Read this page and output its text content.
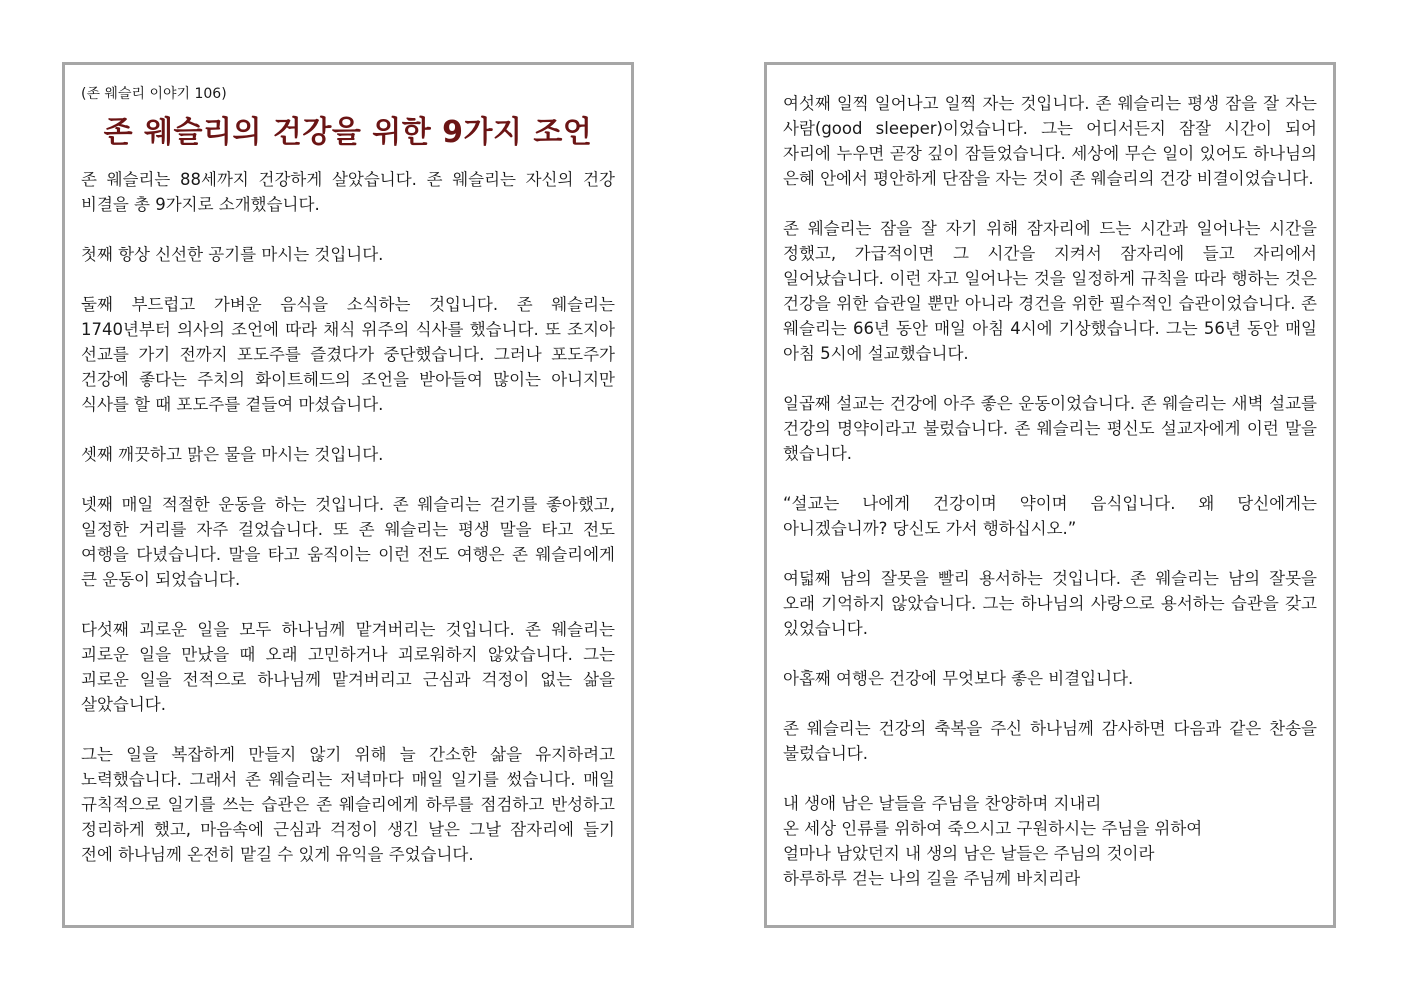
(존 웨슬리 이야기 106)
존 웨슬리의 건강을 위한 9가지 조언

존 웨슬리는 88세까지 건강하게 살았습니다. 존 웨슬리는 자신의 건강 비결을 총 9가지로 소개했습니다.

첫째 항상 신선한 공기를 마시는 것입니다.

둘째 부드럽고 가벼운 음식을 소식하는 것입니다. 존 웨슬리는 1740년부터 의사의 조언에 따라 채식 위주의 식사를 했습니다. 또 조지아 선교를 가기 전까지 포도주를 즐겼다가 중단했습니다. 그러나 포도주가 건강에 좋다는 주치의 화이트헤드의 조언을 받아들여 많이는 아니지만 식사를 할 때 포도주를 곁들여 마셨습니다.

셋째 깨끗하고 맑은 물을 마시는 것입니다.

넷째 매일 적절한 운동을 하는 것입니다. 존 웨슬리는 걷기를 좋아했고, 일정한 거리를 자주 걸었습니다. 또 존 웨슬리는 평생 말을 타고 전도 여행을 다녔습니다. 말을 타고 움직이는 이런 전도 여행은 존 웨슬리에게 큰 운동이 되었습니다.

다섯째 괴로운 일을 모두 하나님께 맡겨버리는 것입니다. 존 웨슬리는 괴로운 일을 만났을 때 오래 고민하거나 괴로워하지 않았습니다. 그는 괴로운 일을 전적으로 하나님께 맡겨버리고 근심과 걱정이 없는 삶을 살았습니다.

그는 일을 복잡하게 만들지 않기 위해 늘 간소한 삶을 유지하려고 노력했습니다. 그래서 존 웨슬리는 저녁마다 매일 일기를 썼습니다. 매일 규칙적으로 일기를 쓰는 습관은 존 웨슬리에게 하루를 점검하고 반성하고 정리하게 했고, 마음속에 근심과 걱정이 생긴 날은 그날 잠자리에 들기 전에 하나님께 온전히 맡길 수 있게 유익을 주었습니다.

여섯째 일찍 일어나고 일찍 자는 것입니다. 존 웨슬리는 평생 잠을 잘 자는 사람(good sleeper)이었습니다. 그는 어디서든지 잠잘 시간이 되어 자리에 누우면 곧장 깊이 잠들었습니다. 세상에 무슨 일이 있어도 하나님의 은혜 안에서 평안하게 단잠을 자는 것이 존 웨슬리의 건강 비결이었습니다.

존 웨슬리는 잠을 잘 자기 위해 잠자리에 드는 시간과 일어나는 시간을 정했고, 가급적이면 그 시간을 지켜서 잠자리에 들고 자리에서 일어났습니다. 이런 자고 일어나는 것을 일정하게 규칙을 따라 행하는 것은 건강을 위한 습관일 뿐만 아니라 경건을 위한 필수적인 습관이었습니다. 존 웨슬리는 66년 동안 매일 아침 4시에 기상했습니다. 그는 56년 동안 매일 아침 5시에 설교했습니다.

일곱째 설교는 건강에 아주 좋은 운동이었습니다. 존 웨슬리는 새벽 설교를 건강의 명약이라고 불렀습니다. 존 웨슬리는 평신도 설교자에게 이런 말을 했습니다.

“설교는 나에게 건강이며 약이며 음식입니다. 왜 당신에게는 아니겠습니까? 당신도 가서 행하십시오.”

여덟째 남의 잘못을 빨리 용서하는 것입니다. 존 웨슬리는 남의 잘못을 오래 기억하지 않았습니다. 그는 하나님의 사랑으로 용서하는 습관을 갖고 있었습니다.

아홉째 여행은 건강에 무엇보다 좋은 비결입니다.

존 웨슬리는 건강의 축복을 주신 하나님께 감사하면 다음과 같은 찬송을 불렀습니다.

내 생애 남은 날들을 주님을 찬양하며 지내리
온 세상 인류를 위하여 죽으시고 구원하시는 주님을 위하여
얼마나 남았던지 내 생의 남은 날들은 주님의 것이라
하루하루 걷는 나의 길을 주님께 바치리라
